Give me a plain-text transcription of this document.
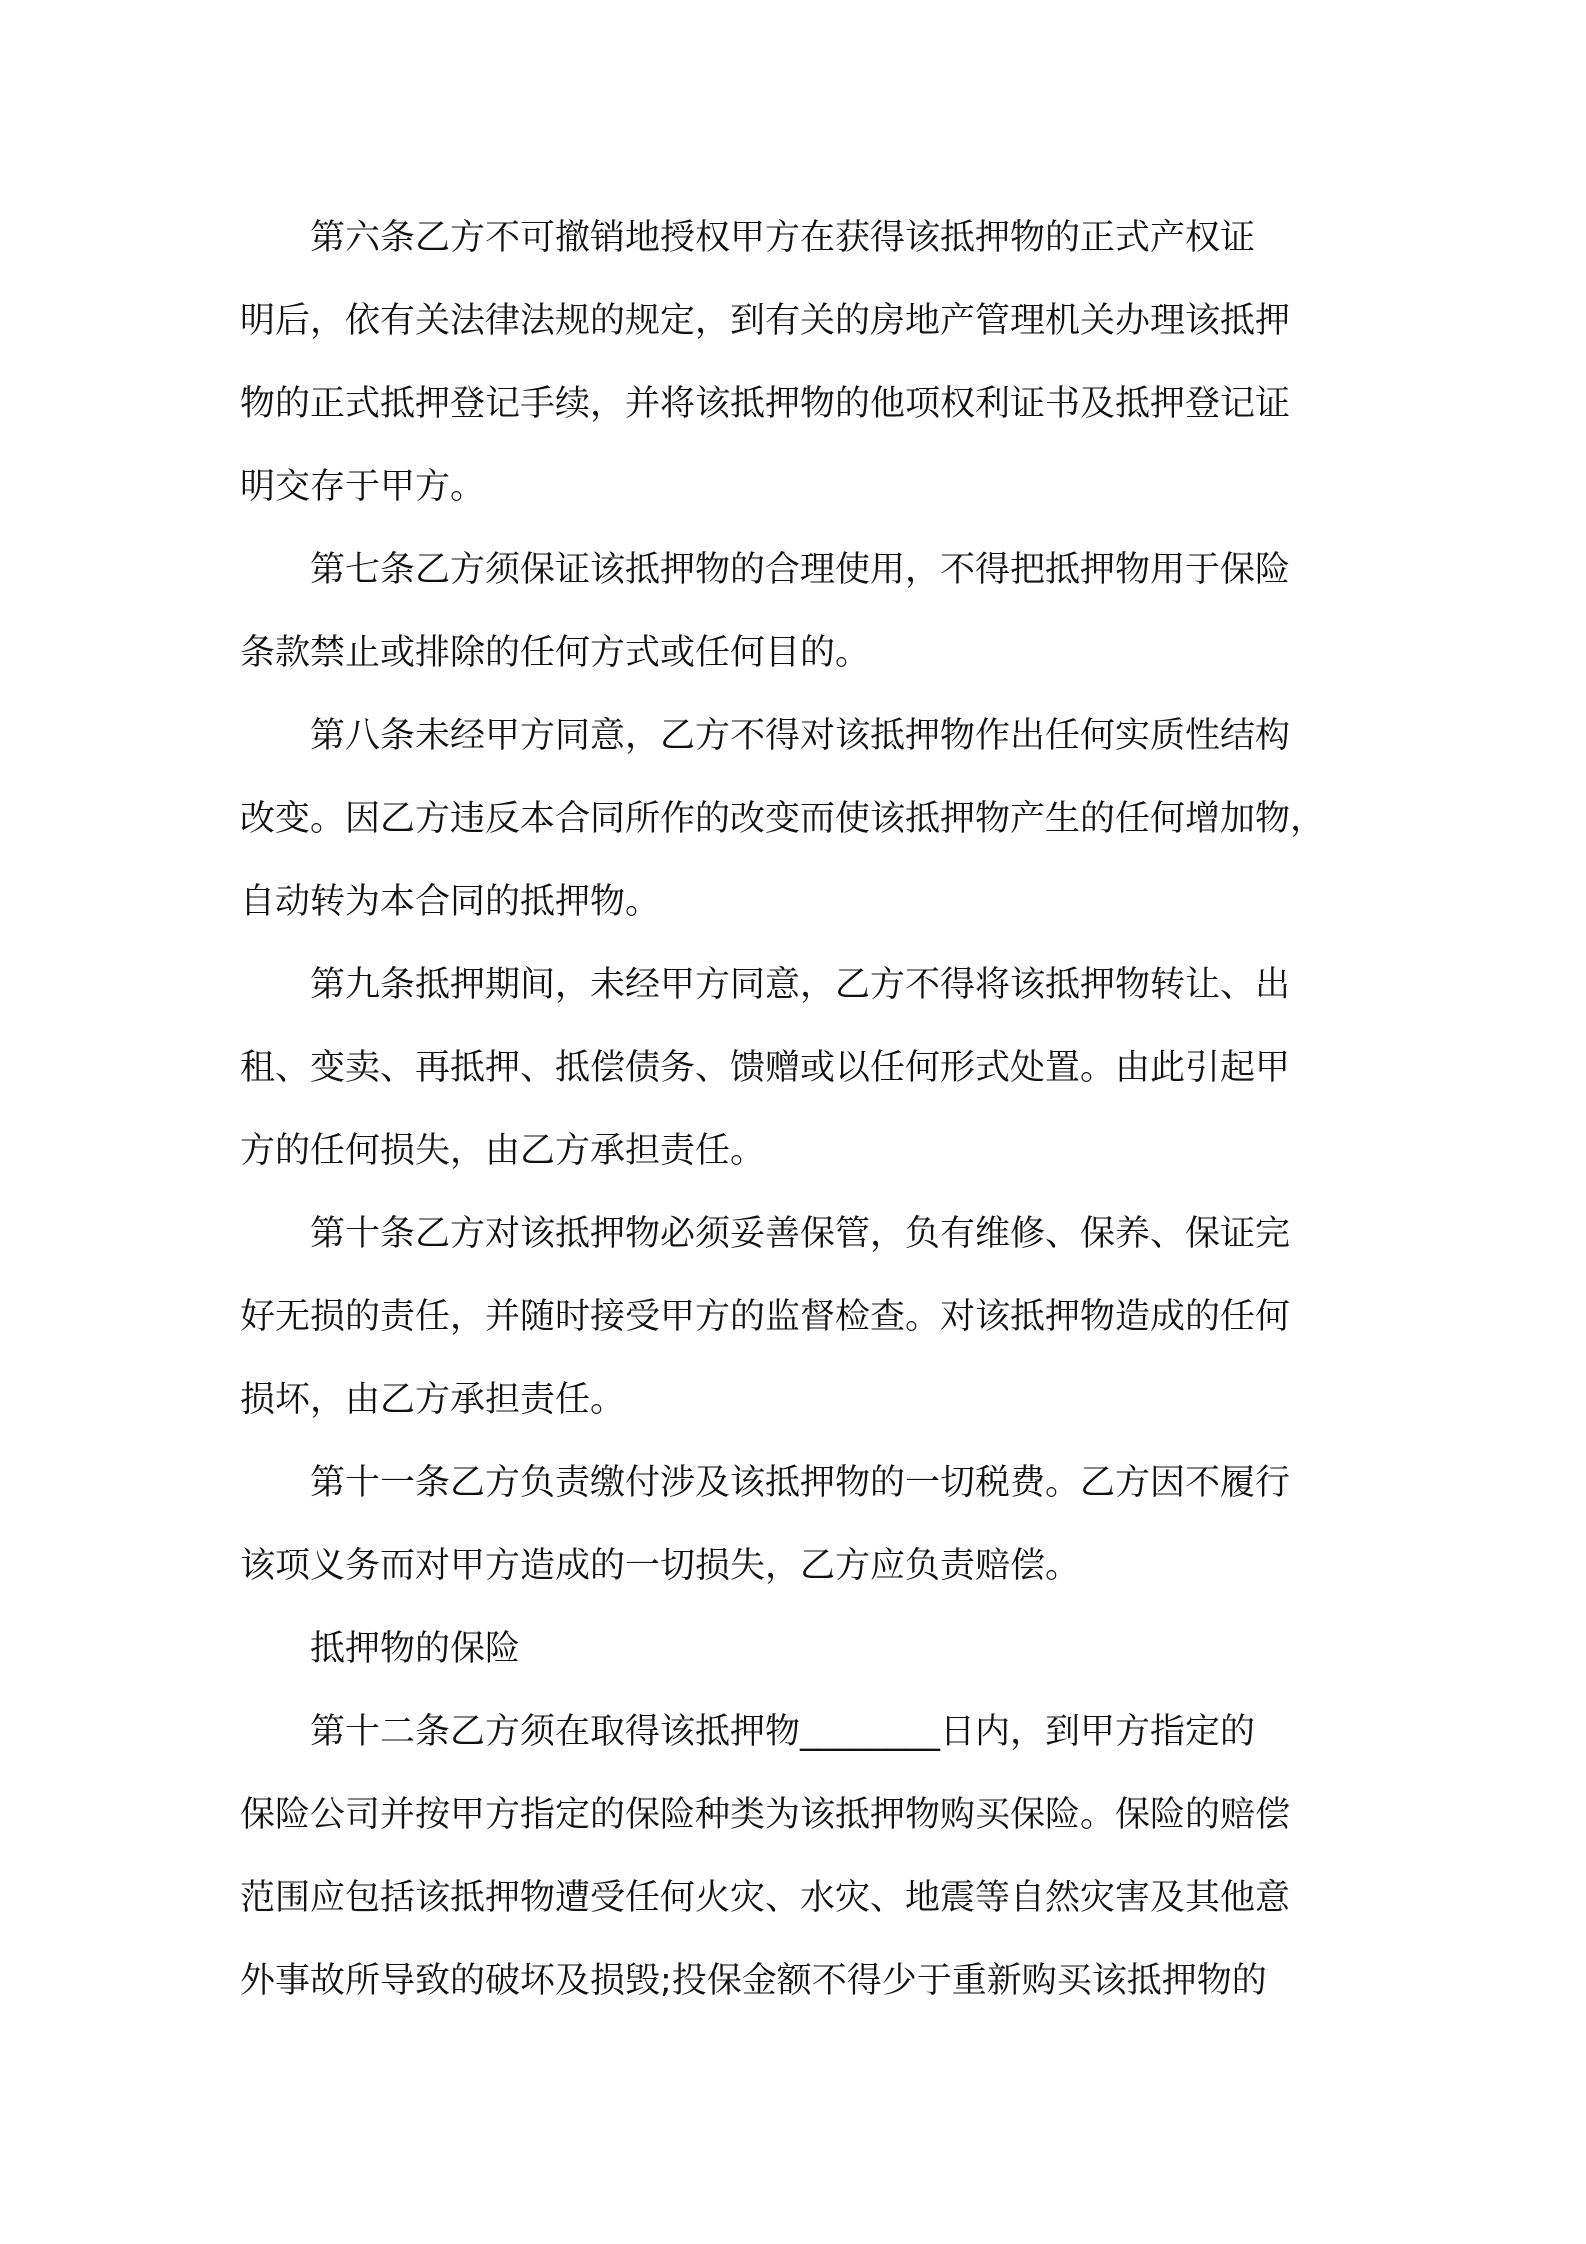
第六条乙方不可撤销地授权甲方在获得该抵押物的正式产权证
明后，依有关法律法规的规定，到有关的房地产管理机关办理该抵押
物的正式抵押登记手续，并将该抵押物的他项权利证书及抵押登记证
明交存于甲方。

第七条乙方须保证该抵押物的合理使用，不得把抵押物用于保险
条款禁止或排除的任何方式或任何目的。

第八条未经甲方同意，乙方不得对该抵押物作出任何实质性结构
改变。因乙方违反本合同所作的改变而使该抵押物产生的任何增加物，
自动转为本合同的抵押物。

第九条抵押期间，未经甲方同意，乙方不得将该抵押物转让、出
租、变卖、再抵押、抵偿债务、馈赠或以任何形式处置。由此引起甲
方的任何损失，由乙方承担责任。

第十条乙方对该抵押物必须妥善保管，负有维修、保养、保证完
好无损的责任，并随时接受甲方的监督检查。对该抵押物造成的任何
损坏，由乙方承担责任。

第十一条乙方负责缴付涉及该抵押物的一切税费。乙方因不履行
该项义务而对甲方造成的一切损失，乙方应负责赔偿。

抵押物的保险

第十二条乙方须在取得该抵押物________日内，到甲方指定的
保险公司并按甲方指定的保险种类为该抵押物购买保险。保险的赔偿
范围应包括该抵押物遭受任何火灾、水灾、地震等自然灾害及其他意
外事故所导致的破坏及损毁;投保金额不得少于重新购买该抵押物的
